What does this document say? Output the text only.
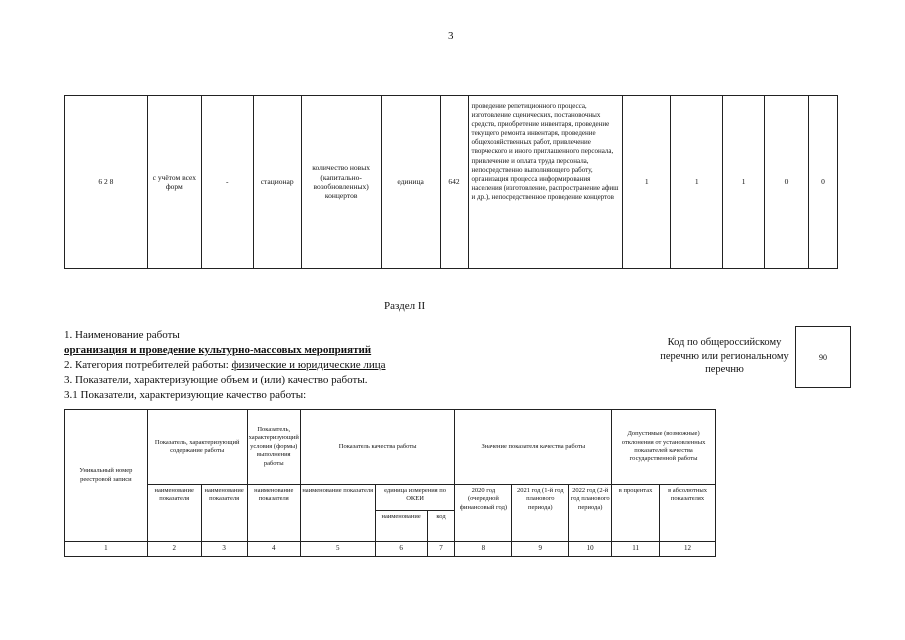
3
6 2 8	с учётом всех форм	-	стационар	количество новых (капитально-возобновленных) концертов	единица	642	проведение репетиционного процесса, изготовление сценических, постановочных средств, приобретение инвентаря, проведение текущего ремонта инвентаря, проведение общехозяйственных работ, привлечение творческого и иного приглашенного персонала, привлечение и оплата труда персонала, непосредственно выполняющего работу, организация процесса информирования населения (изготовление, распространение афиш и др.), непосредственное проведение концертов	1	1	1	0	0
Раздел II
1. Наименование работы
организация и проведение культурно-массовых мероприятий
2. Категория потребителей работы: физические и юридические лица
3. Показатели, характеризующие объем и (или) качество работы.
3.1 Показатели, характеризующие качество работы:
Код по общероссийскому перечню или региональному перечню
90
Уникальный номер реестровой записи	Показатель, характеризующий содержание работы		Показатель, характеризующий условия (формы) выполнения работы	Показатель качества работы			Значение показателя качества работы			Допустимые (возможные) отклонения от установленных показателей качества государственной работы	
	наименование показателя	наименование показателя	наименование показателя	наименование показателя	единица измерения по ОКЕИ		2020 год (очередной финансовый год)	2021 год (1-й год планового периода)	2022 год (2-й год планового периода)	в процентах	в абсолютных показателях
					наименование	код					
1	2	3	4	5	6	7	8	9	10	11	12
